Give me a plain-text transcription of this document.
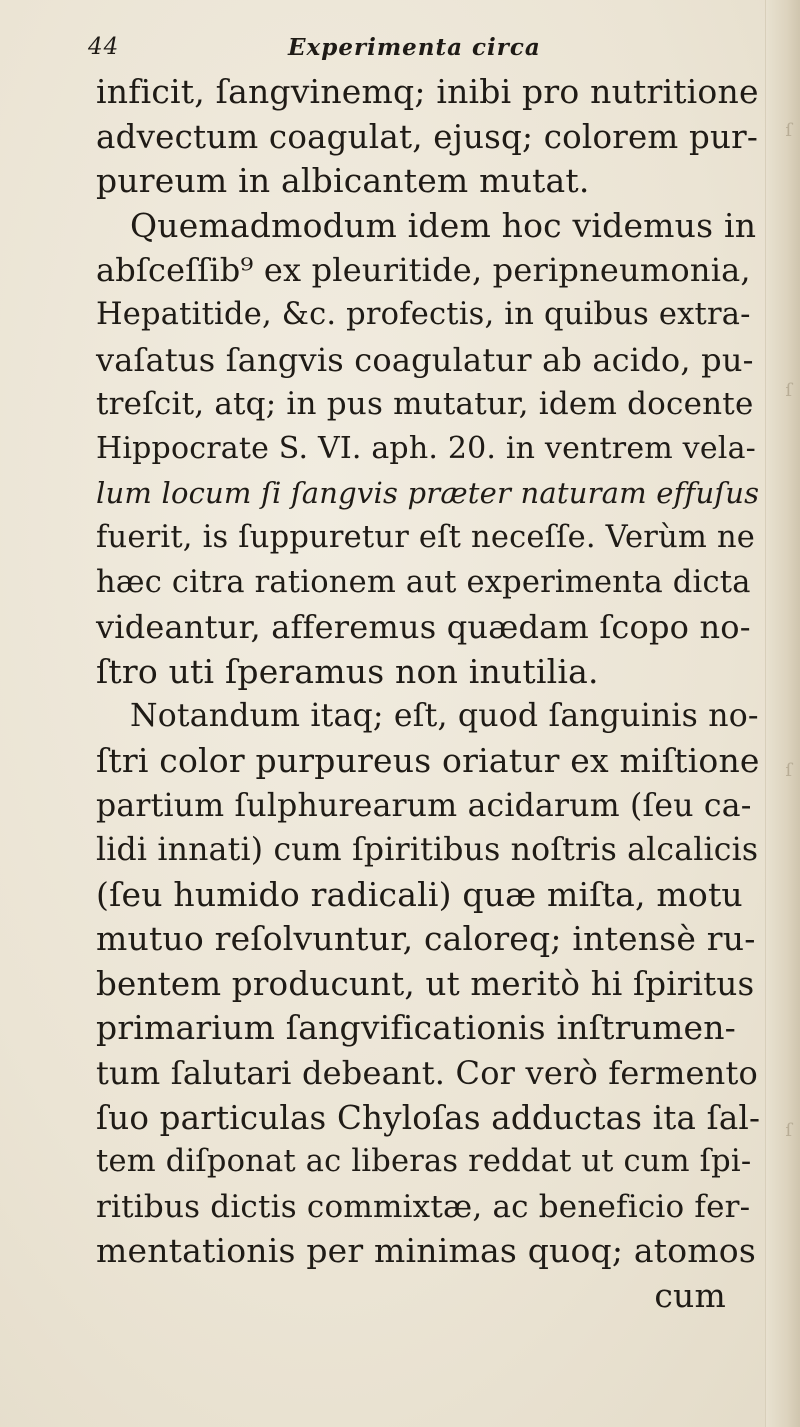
ſ
ſ
ſ
ſ
44	Experimenta circa
inficit, ſangvinemq; inibi pro nutritione
advectum coagulat, ejusq; colorem pur-
pureum in albicantem mutat.
Quemadmodum idem hoc videmus in
abſceſſib⁹ ex pleuritide, peripneumonia,
Hepatitide, &c. profectis, in quibus extra-
vaſatus ſangvis coagulatur ab acido, pu-
treſcit, atq; in pus mutatur, idem docente
Hippocrate S. VI. aph. 20. in ventrem vela-
lum locum ſi ſangvis præter naturam effuſus
fuerit, is ſuppuretur eſt neceſſe. Verùm ne
hæc citra rationem aut experimenta dicta
videantur, afferemus quædam ſcopo no-
ſtro uti ſperamus non inutilia.
Notandum itaq; eſt, quod ſanguinis no-
ſtri color purpureus oriatur ex miſtione
partium ſulphurearum acidarum (ſeu ca-
lidi innati) cum ſpiritibus noſtris alcalicis
(ſeu humido radicali) quæ miſta, motu
mutuo reſolvuntur, caloreq; intensè ru-
bentem producunt, ut meritò hi ſpiritus
primarium ſangvificationis inſtrumen-
tum ſalutari debeant. Cor verò fermento
ſuo particulas Chyloſas adductas ita ſal-
tem diſponat ac liberas reddat ut cum ſpi-
ritibus dictis commixtæ, ac beneficio fer-
mentationis per minimas quoq; atomos
cum
